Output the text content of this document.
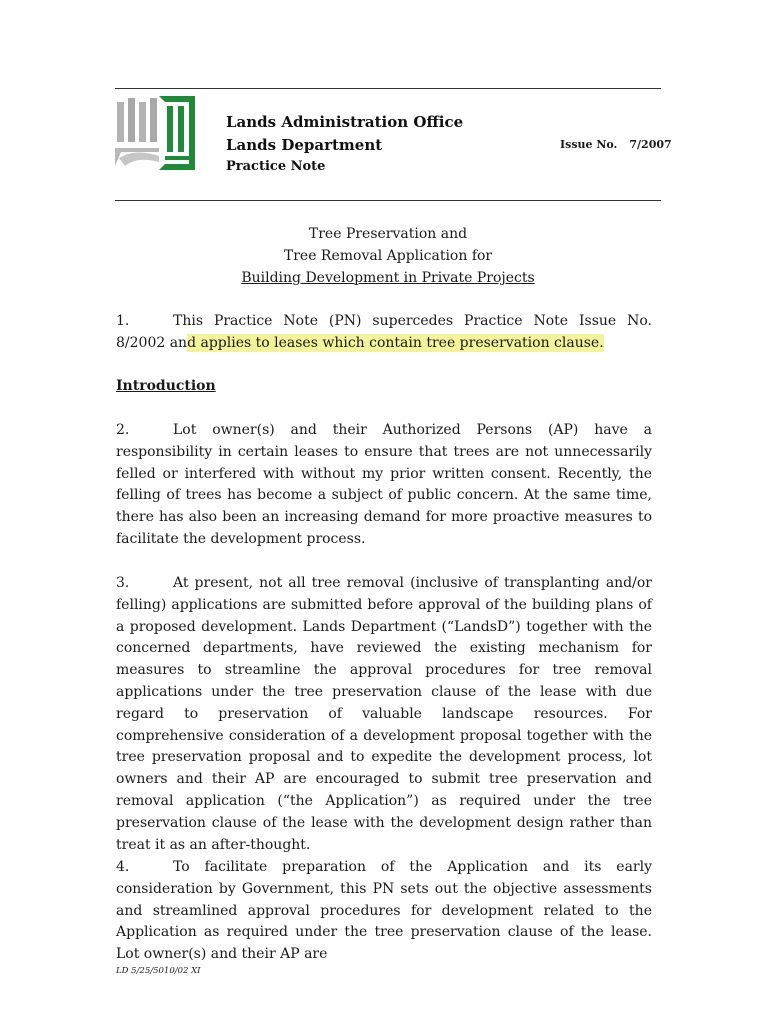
Lands Administration Office
Lands Department
Practice Note
Issue No. 7/2007
Tree Preservation and
Tree Removal Application for
Building Development in Private Projects
1.	This Practice Note (PN) supercedes Practice Note Issue No. 8/2002 and applies to leases which contain tree preservation clause.
Introduction
2.	Lot owner(s) and their Authorized Persons (AP) have a responsibility in certain leases to ensure that trees are not unnecessarily felled or interfered with without my prior written consent. Recently, the felling of trees has become a subject of public concern. At the same time, there has also been an increasing demand for more proactive measures to facilitate the development process.
3.	At present, not all tree removal (inclusive of transplanting and/or felling) applications are submitted before approval of the building plans of a proposed development. Lands Department (“LandsD”) together with the concerned departments, have reviewed the existing mechanism for measures to streamline the approval procedures for tree removal applications under the tree preservation clause of the lease with due regard to preservation of valuable landscape resources. For comprehensive consideration of a development proposal together with the tree preservation proposal and to expedite the development process, lot owners and their AP are encouraged to submit tree preservation and removal application (“the Application”) as required under the tree preservation clause of the lease with the development design rather than treat it as an after-thought.
4.	To facilitate preparation of the Application and its early consideration by Government, this PN sets out the objective assessments and streamlined approval procedures for development related to the Application as required under the tree preservation clause of the lease. Lot owner(s) and their AP are
LD 5/25/5010/02 XI
